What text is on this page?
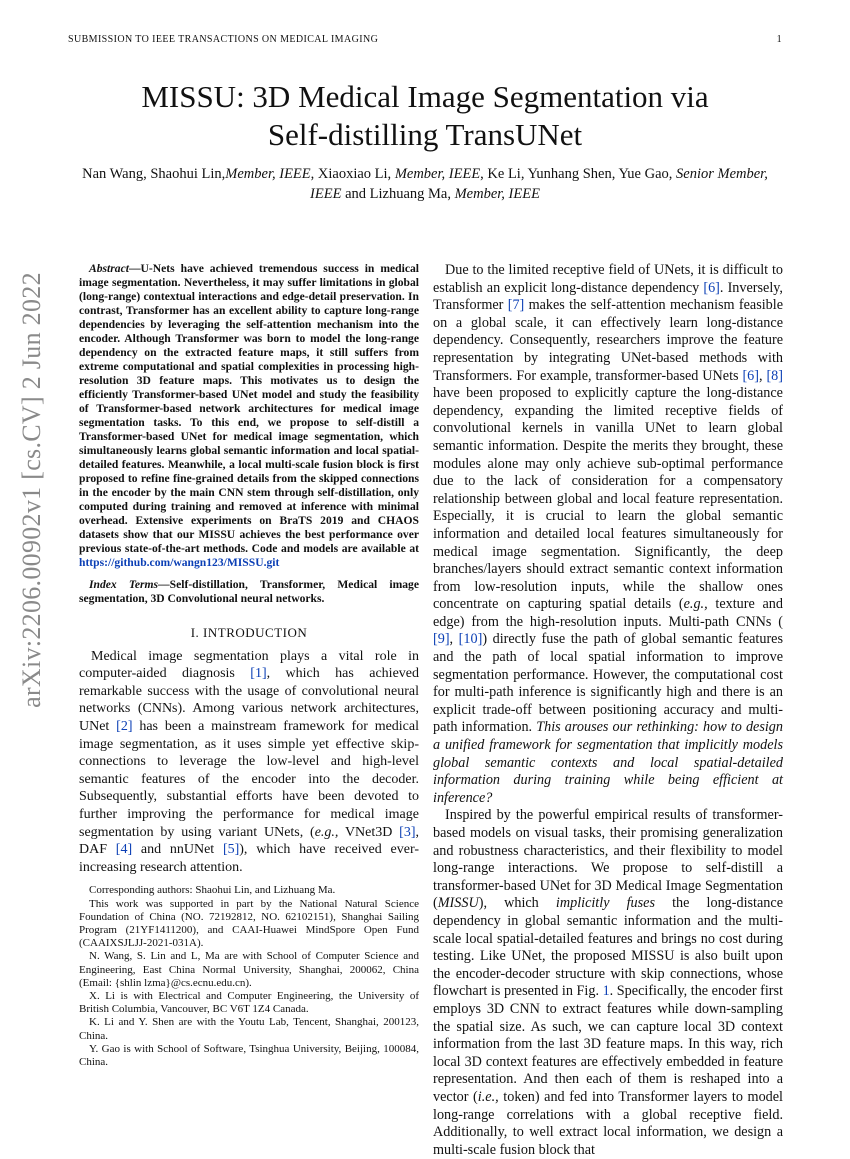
SUBMISSION TO IEEE TRANSACTIONS ON MEDICAL IMAGING	1
arXiv:2206.00902v1 [cs.CV] 2 Jun 2022
MISSU: 3D Medical Image Segmentation via
Self-distilling TransUNet
Nan Wang, Shaohui Lin,Member, IEEE, Xiaoxiao Li, Member, IEEE, Ke Li, Yunhang Shen, Yue Gao, Senior Member, IEEE and Lizhuang Ma, Member, IEEE

Abstract—U-Nets have achieved tremendous success in medical image segmentation. Nevertheless, it may suffer limitations in global (long-range) contextual interactions and edge-detail preservation. In contrast, Transformer has an excellent ability to capture long-range dependencies by leveraging the self-attention mechanism into the encoder. Although Transformer was born to model the long-range dependency on the extracted feature maps, it still suffers from extreme computational and spatial complexities in processing high-resolution 3D feature maps. This motivates us to design the efficiently Transformer-based UNet model and study the feasibility of Transformer-based network architectures for medical image segmentation tasks. To this end, we propose to self-distill a Transformer-based UNet for medical image segmentation, which simultaneously learns global semantic information and local spatial-detailed features. Meanwhile, a local multi-scale fusion block is first proposed to refine fine-grained details from the skipped connections in the encoder by the main CNN stem through self-distillation, only computed during training and removed at inference with minimal overhead. Extensive experiments on BraTS 2019 and CHAOS datasets show that our MISSU achieves the best performance over previous state-of-the-art methods. Code and models are available at https://github.com/wangn123/MISSU.git

Index Terms—Self-distillation, Transformer, Medical image segmentation, 3D Convolutional neural networks.

I. INTRODUCTION

Medical image segmentation plays a vital role in computer-aided diagnosis [1], which has achieved remarkable success with the usage of convolutional neural networks (CNNs). Among various network architectures, UNet [2] has been a mainstream framework for medical image segmentation, as it uses simple yet effective skip-connections to leverage the low-level and high-level semantic features of the encoder into the decoder. Subsequently, substantial efforts have been devoted to further improving the performance for medical image segmentation by using variant UNets, (e.g., VNet3D [3], DAF [4] and nnUNet [5]), which have received ever-increasing research attention.

Corresponding authors: Shaohui Lin, and Lizhuang Ma.

This work was supported in part by the National Natural Science Foundation of China (NO. 72192812, NO. 62102151), Shanghai Sailing Program (21YF1411200), and CAAI-Huawei MindSpore Open Fund (CAAIXSJLJJ-2021-031A).

N. Wang, S. Lin and L, Ma are with School of Computer Science and Engineering, East China Normal University, Shanghai, 200062, China (Email: {shlin lzma}@cs.ecnu.edu.cn).

X. Li is with Electrical and Computer Engineering, the University of British Columbia, Vancouver, BC V6T 1Z4 Canada.

K. Li and Y. Shen are with the Youtu Lab, Tencent, Shanghai, 200123, China.

Y. Gao is with School of Software, Tsinghua University, Beijing, 100084, China.

Due to the limited receptive field of UNets, it is difficult to establish an explicit long-distance dependency [6]. Inversely, Transformer [7] makes the self-attention mechanism feasible on a global scale, it can effectively learn long-distance dependency. Consequently, researchers improve the feature representation by integrating UNet-based methods with Transformers. For example, transformer-based UNets [6], [8] have been proposed to explicitly capture the long-distance dependency, expanding the limited receptive fields of convolutional kernels in vanilla UNet to learn global semantic information. Despite the merits they brought, these modules alone may only achieve sub-optimal performance due to the lack of consideration for a compensatory relationship between global and local feature representation. Especially, it is crucial to learn the global semantic information and detailed local features simultaneously for medical image segmentation. Significantly, the deep branches/layers should extract semantic context information from low-resolution inputs, while the shallow ones concentrate on capturing spatial details (e.g., texture and edge) from the high-resolution inputs. Multi-path CNNs ( [9], [10]) directly fuse the path of global semantic features and the path of local spatial information to improve segmentation performance. However, the computational cost for multi-path inference is significantly high and there is an explicit trade-off between positioning accuracy and multi-path information. This arouses our rethinking: how to design a unified framework for segmentation that implicitly models global semantic contexts and local spatial-detailed information during training while being efficient at inference?

Inspired by the powerful empirical results of transformer-based models on visual tasks, their promising generalization and robustness characteristics, and their flexibility to model long-range interactions. We propose to self-distill a transformer-based UNet for 3D Medical Image Segmentation (MISSU), which implicitly fuses the long-distance dependency in global semantic information and the multi-scale local spatial-detailed features and brings no cost during testing. Like UNet, the proposed MISSU is also built upon the encoder-decoder structure with skip connections, whose flowchart is presented in Fig. 1. Specifically, the encoder first employs 3D CNN to extract features while down-sampling the spatial size. As such, we can capture local 3D context information from the last 3D feature maps. In this way, rich local 3D context features are effectively embedded in feature representation. And then each of them is reshaped into a vector (i.e., token) and fed into Transformer layers to model long-range correlations with a global receptive field. Additionally, to well extract local information, we design a multi-scale fusion block that
